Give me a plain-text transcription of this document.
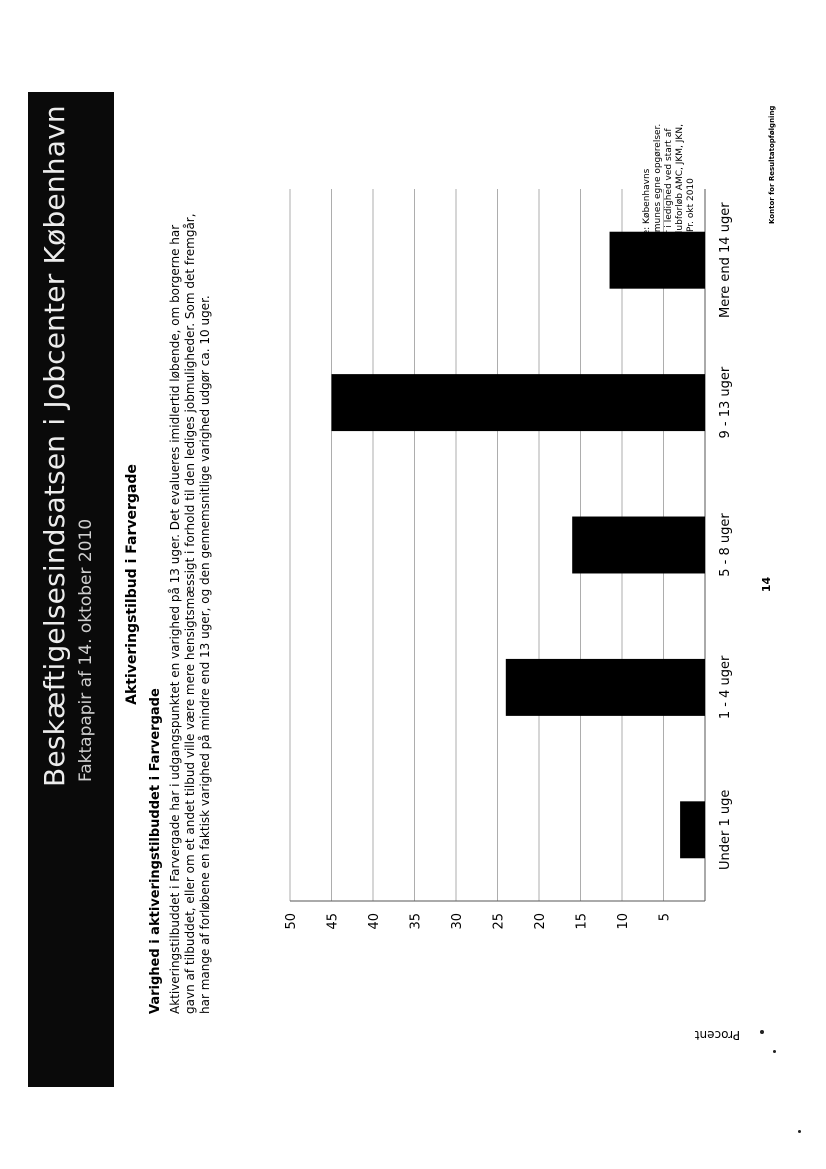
Beskæftigelsesindsatsen i Jobcenter København Faktapapir af 14. oktober 2010 Aktiveringstilbud i Farvergade
Varighed i aktiveringstilbuddet i Farvergade Aktiveringstilbuddet i Farvergade har i udgangspunktet en varighed på 13 uger. Det evalueres imidlertid løbende, om borgerne har gavn af tilbuddet, eller om et andet tilbud ville være mere hensigtsmæssigt i forhold til den lediges jobmuligheder. Som det fremgår, har mange af forløbene en faktisk varighed på mindre end 13 uger, og den gennemsnitlige varighed udgør ca. 10 uger.	5
10
15
20
25
30
35
40
45
50
Procent
Under 1 uge
1 - 4 uger
5 - 8 uger
9 - 13 uger
Mere end 14 uger
Kilde: Københavns Kommunes egne opgørelser. Uger i ledighed ved start af jobklubforløb AMC, JKM, JKN, JKS. Pr. okt 2010
14
Kontor for Resultatopfølgning
